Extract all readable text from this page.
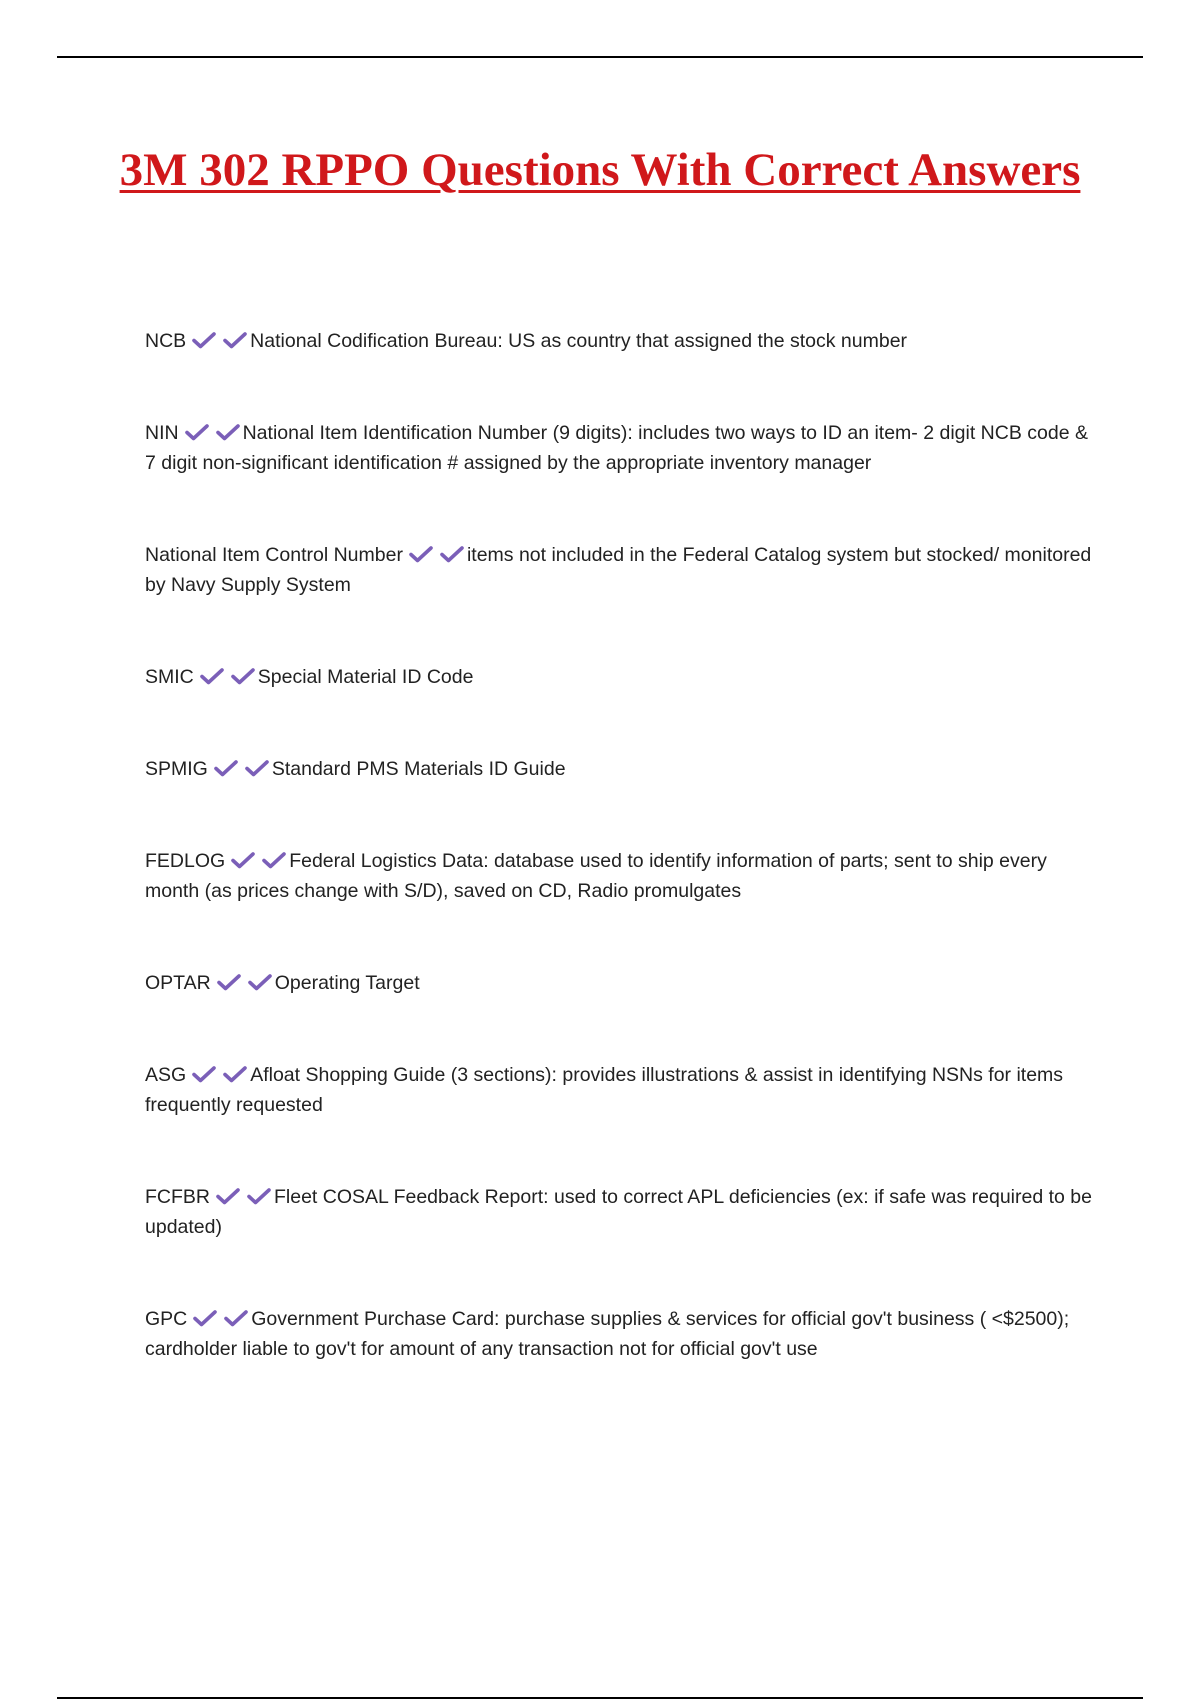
3M 302 RPPO Questions With Correct Answers

NCB	National Codification Bureau: US as country that assigned the stock number

NIN	National Item Identification Number (9 digits): includes two ways to ID an item- 2 digit NCB code & 7 digit non-significant identification # assigned by the appropriate inventory manager

National Item Control Number	items not included in the Federal Catalog system but stocked/ monitored by Navy Supply System

SMIC	Special Material ID Code

SPMIG	Standard PMS Materials ID Guide

FEDLOG	Federal Logistics Data: database used to identify information of parts; sent to ship every month (as prices change with S/D), saved on CD, Radio promulgates

OPTAR	Operating Target

ASG	Afloat Shopping Guide (3 sections): provides illustrations & assist in identifying NSNs for items frequently requested

FCFBR	Fleet COSAL Feedback Report: used to correct APL deficiencies (ex: if safe was required to be updated)

GPC	Government Purchase Card: purchase supplies & services for official gov't business ( <$2500); cardholder liable to gov't for amount of any transaction not for official gov't use
